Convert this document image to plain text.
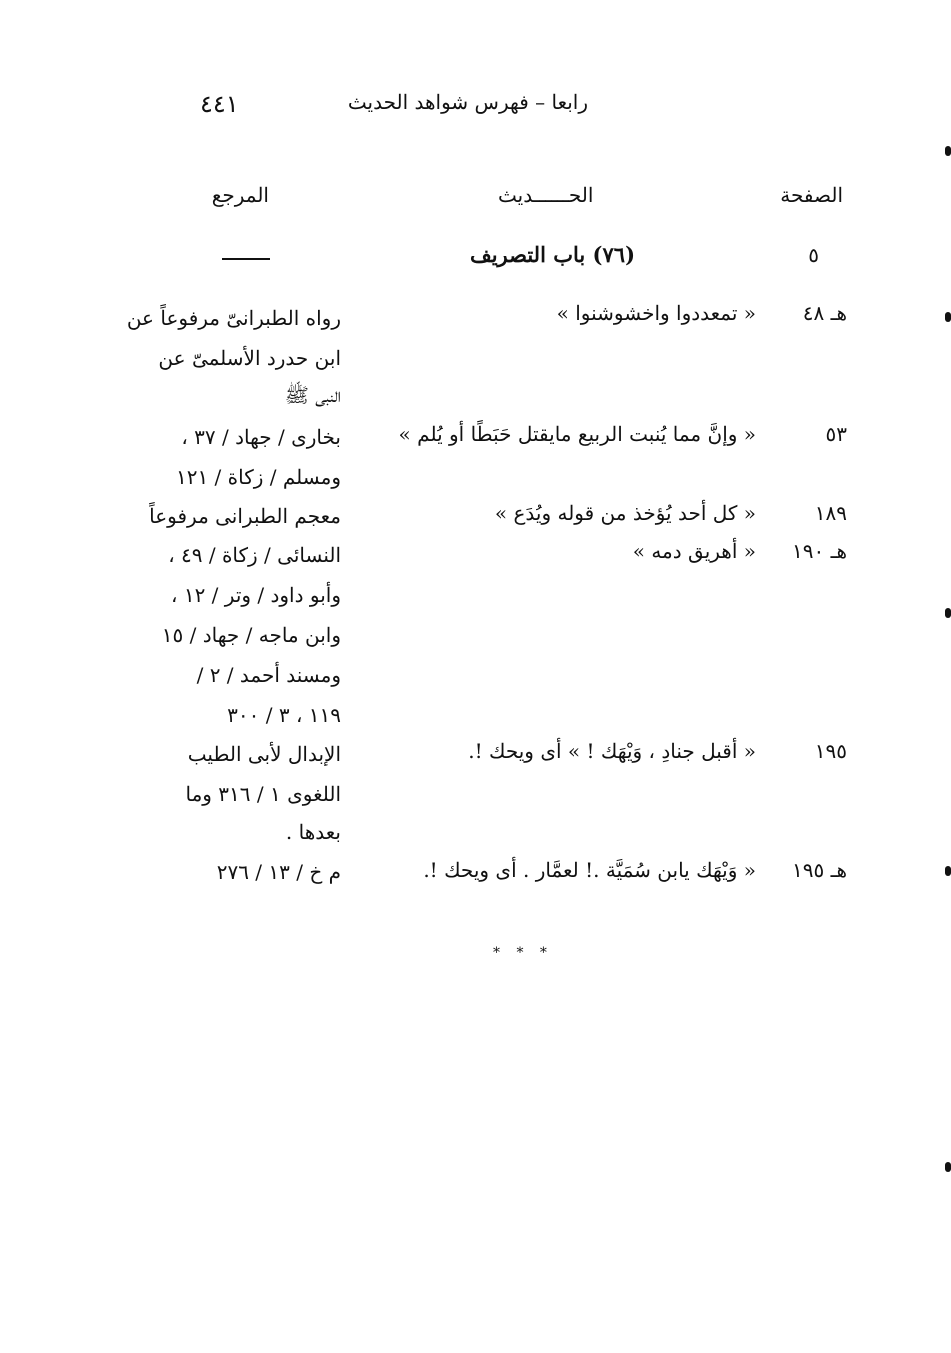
٤٤١	رابعا – فهرس شواهد الحديث
الصفحة
الحــــــديث
المرجع
٥
(٧٦) باب التصريف
هـ ٤٨
« تمعددوا واخشوشنوا »
رواه الطبرانىّ مرفوعاً عن
ابن حدرد الأسلمىّ عن
النبى ﷺ
٥٣
« وإنَّ مما يُنبت الربيع مايقتل حَبَطًا أو يُلم »
بخارى / جهاد / ٣٧ ،
ومسلم / زكاة / ١٢١
١٨٩
« كل أحد يُؤخذ من قوله ويُدَع »
معجم الطبرانى مرفوعاً
هـ ١٩٠
« أهريق دمه »
النسائى / زكاة / ٤٩ ،
وأبو داود / وتر / ١٢ ،
وابن ماجه / جهاد / ١٥
ومسند أحمد / ٢ /
١١٩ ، ٣ / ٣٠٠
١٩٥
« أقبل جنادِ ، وَيْهَك ! » أى ويحك !.
الإبدال لأبى الطيب
اللغوى ١ / ٣١٦ وما
بعدها .
هـ ١٩٥
« وَيْهَك يابن سُمَيَّة .! لعمَّار . أى ويحك !.
م خ / ١٣ / ٢٧٦
* * *
